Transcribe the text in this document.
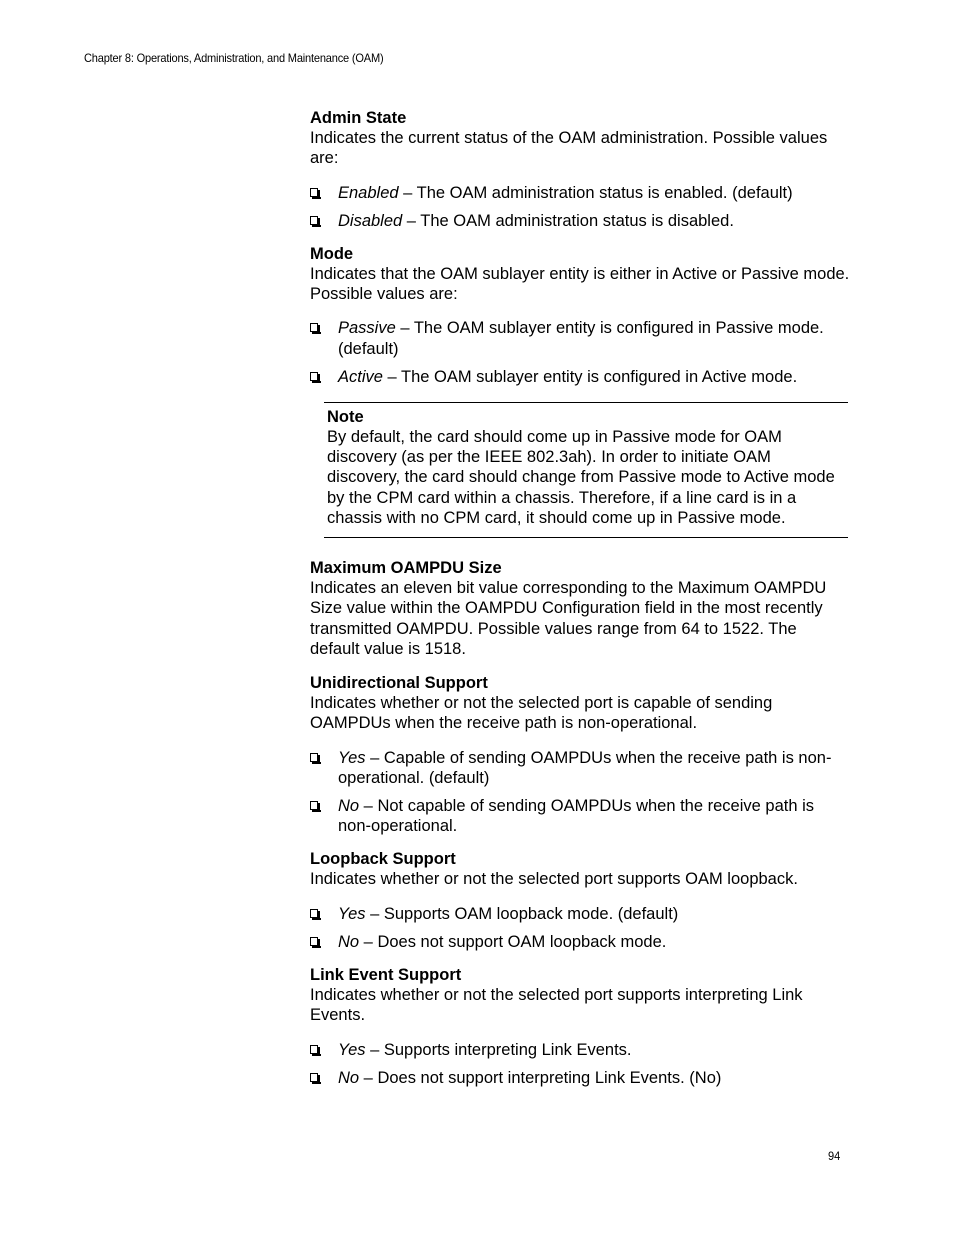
Chapter 8: Operations, Administration, and Maintenance (OAM)

Admin State

Indicates the current status of the OAM administration. Possible values are:

Enabled – The OAM administration status is enabled. (default)
Disabled – The OAM administration status is disabled.

Mode

Indicates that the OAM sublayer entity is either in Active or Passive mode. Possible values are:

Passive – The OAM sublayer entity is configured in Passive mode. (default)
Active – The OAM sublayer entity is configured in Active mode.

Note

By default, the card should come up in Passive mode for OAM discovery (as per the IEEE 802.3ah). In order to initiate OAM discovery, the card should change from Passive mode to Active mode by the CPM card within a chassis. Therefore, if a line card is in a chassis with no CPM card, it should come up in Passive mode.

Maximum OAMPDU Size

Indicates an eleven bit value corresponding to the Maximum OAMPDU Size value within the OAMPDU Configuration field in the most recently transmitted OAMPDU. Possible values range from 64 to 1522. The default value is 1518.

Unidirectional Support

Indicates whether or not the selected port is capable of sending OAMPDUs when the receive path is non-operational.

Yes – Capable of sending OAMPDUs when the receive path is non-operational. (default)
No – Not capable of sending OAMPDUs when the receive path is non-operational.

Loopback Support

Indicates whether or not the selected port supports OAM loopback.

Yes – Supports OAM loopback mode. (default)
No – Does not support OAM loopback mode.

Link Event Support

Indicates whether or not the selected port supports interpreting Link Events.

Yes – Supports interpreting Link Events.
No – Does not support interpreting Link Events. (No)
94
